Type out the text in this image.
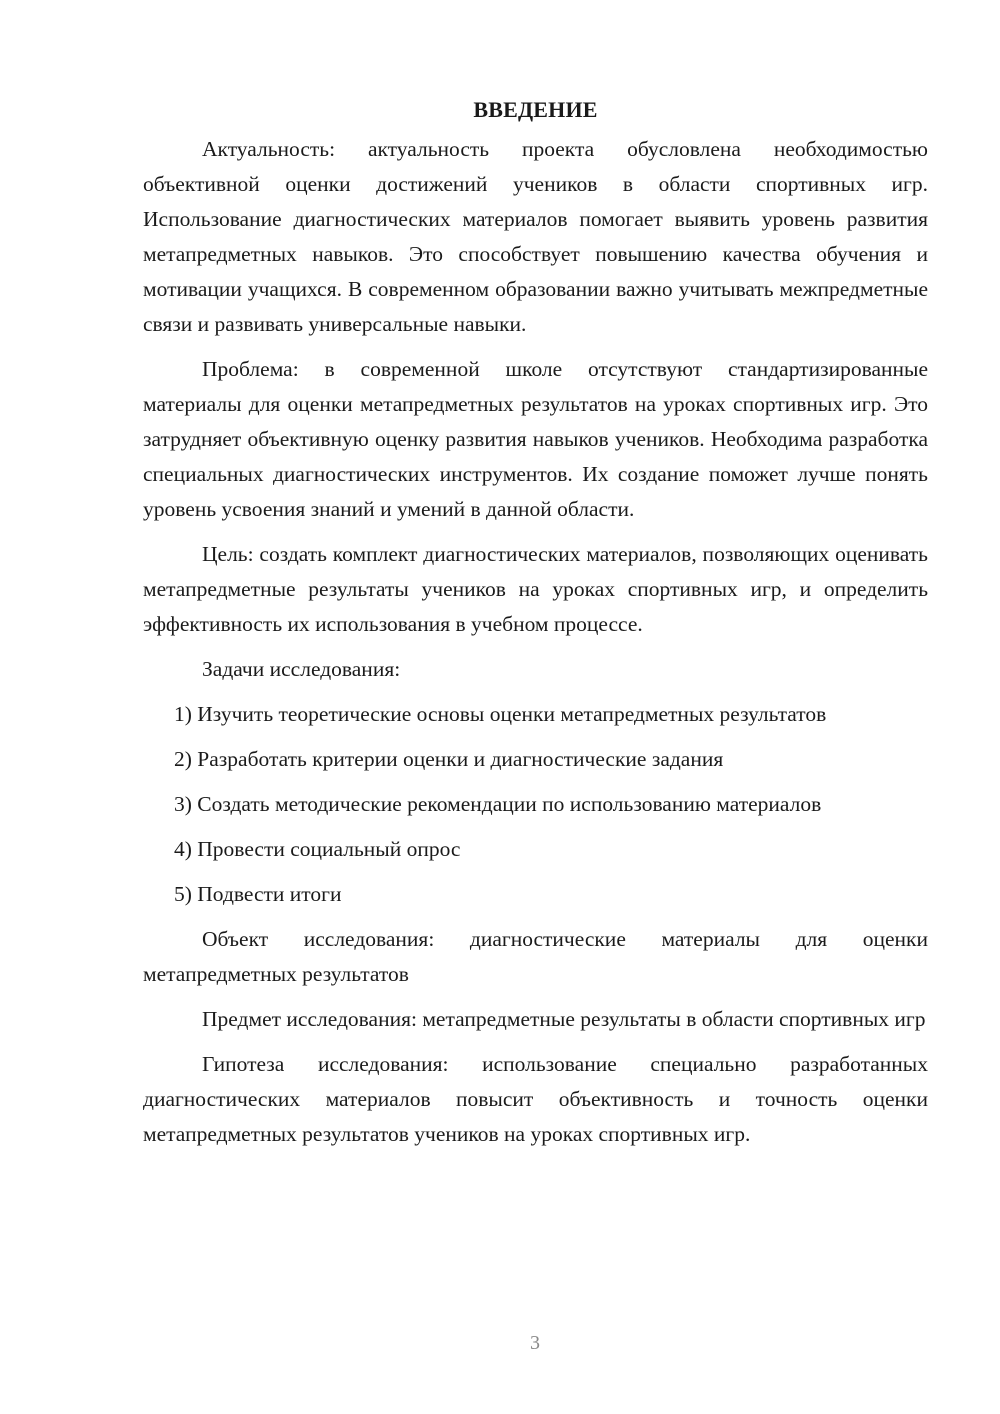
ВВЕДЕНИЕ

Актуальность: актуальность проекта обусловлена необходимостью объективной оценки достижений учеников в области спортивных игр. Использование диагностических материалов помогает выявить уровень развития метапредметных навыков. Это способствует повышению качества обучения и мотивации учащихся. В современном образовании важно учитывать межпредметные связи и развивать универсальные навыки.

Проблема: в современной школе отсутствуют стандартизированные материалы для оценки метапредметных результатов на уроках спортивных игр. Это затрудняет объективную оценку развития навыков учеников. Необходима разработка специальных диагностических инструментов. Их создание поможет лучше понять уровень усвоения знаний и умений в данной области.

Цель: создать комплект диагностических материалов, позволяющих оценивать метапредметные результаты учеников на уроках спортивных игр, и определить эффективность их использования в учебном процессе.

Задачи исследования:

1) Изучить теоретические основы оценки метапредметных результатов
2) Разработать критерии оценки и диагностические задания
3) Создать методические рекомендации по использованию материалов
4) Провести социальный опрос
5) Подвести итоги

Объект исследования: диагностические материалы для оценки метапредметных результатов

Предмет исследования: метапредметные результаты в области спортивных игр

Гипотеза исследования: использование специально разработанных диагностических материалов повысит объективность и точность оценки метапредметных результатов учеников на уроках спортивных игр.

3
